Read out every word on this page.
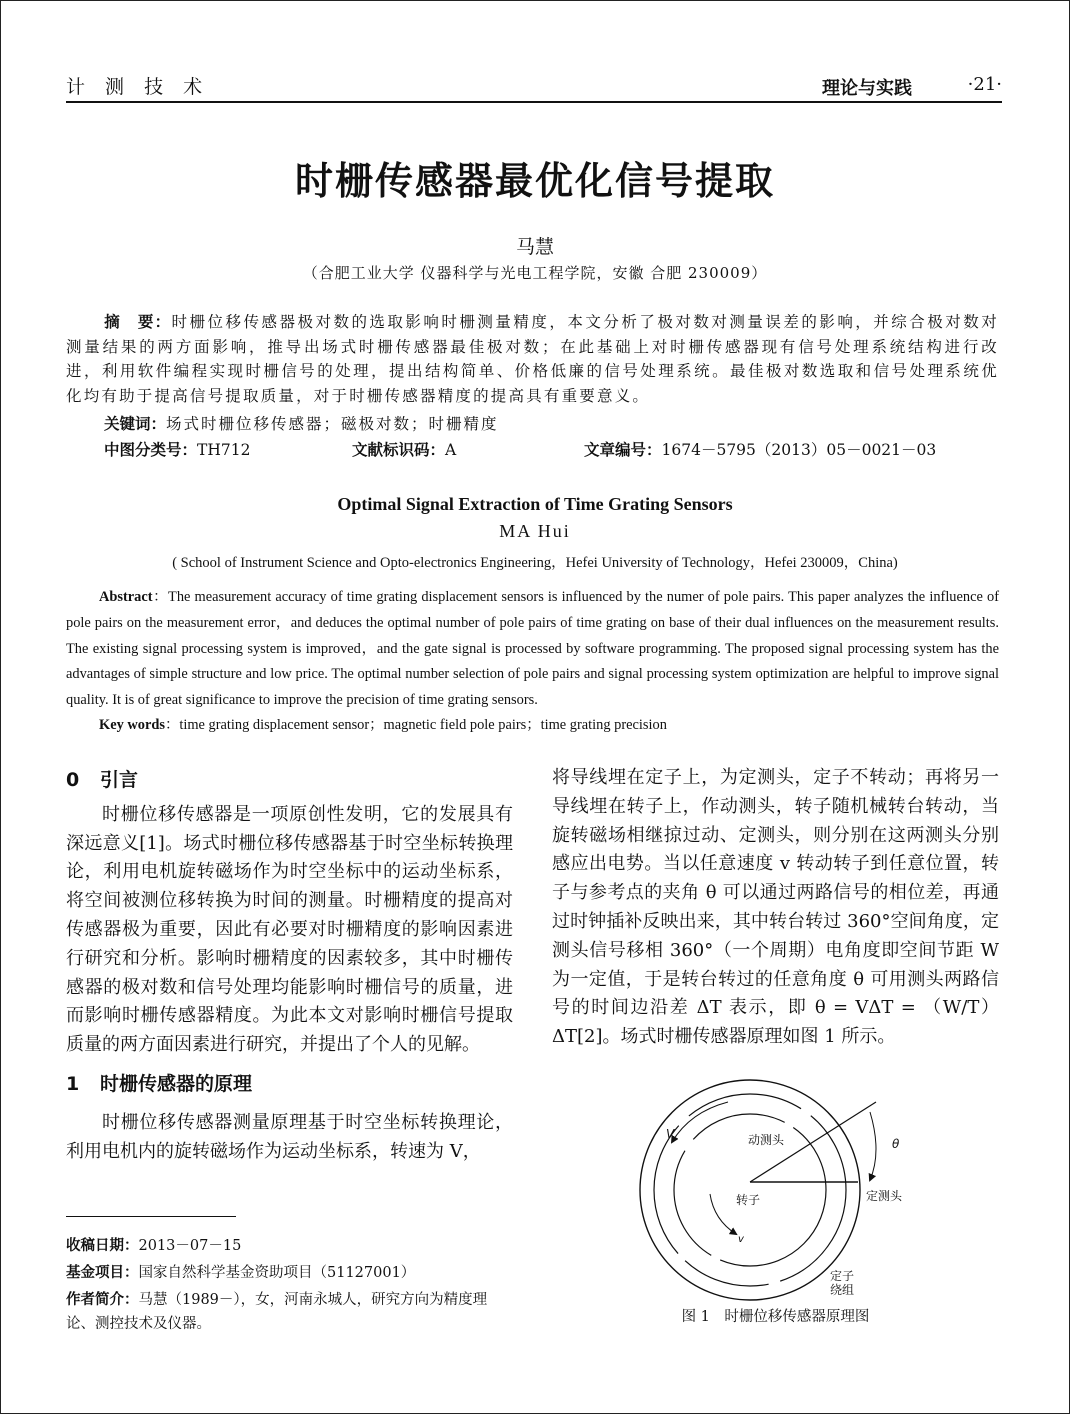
计 测 技 术	理论与实践	·21·
时栅传感器最优化信号提取
马慧
（合肥工业大学 仪器科学与光电工程学院，安徽 合肥 230009）
摘　要：时栅位移传感器极对数的选取影响时栅测量精度，本文分析了极对数对测量误差的影响，并综合极对数对测量结果的两方面影响，推导出场式时栅传感器最佳极对数；在此基础上对时栅传感器现有信号处理系统结构进行改进，利用软件编程实现时栅信号的处理，提出结构简单、价格低廉的信号处理系统。最佳极对数选取和信号处理系统优化均有助于提高信号提取质量，对于时栅传感器精度的提高具有重要意义。
关键词：场式时栅位移传感器；磁极对数；时栅精度
中图分类号：TH712	文献标识码：A	文章编号：1674－5795（2013）05－0021－03
Optimal Signal Extraction of Time Grating Sensors
MA Hui
( School of Instrument Science and Opto-electronics Engineering，Hefei University of Technology，Hefei 230009，China)
Abstract：The measurement accuracy of time grating displacement sensors is influenced by the numer of pole pairs. This paper analyzes the influence of pole pairs on the measurement error，and deduces the optimal number of pole pairs of time grating on base of their dual influences on the measurement results. The existing signal processing system is improved，and the gate signal is processed by software programming. The proposed signal processing system has the advantages of simple structure and low price. The optimal number selection of pole pairs and signal processing system optimization are helpful to improve signal quality. It is of great significance to improve the precision of time grating sensors.
Key words：time grating displacement sensor；magnetic field pole pairs；time grating precision
0 引言

时栅位移传感器是一项原创性发明，它的发展具有深远意义[1]。场式时栅位移传感器基于时空坐标转换理论，利用电机旋转磁场作为时空坐标中的运动坐标系，将空间被测位移转换为时间的测量。时栅精度的提高对传感器极为重要，因此有必要对时栅精度的影响因素进行研究和分析。影响时栅精度的因素较多，其中时栅传感器的极对数和信号处理均能影响时栅信号的质量，进而影响时栅传感器精度。为此本文对影响时栅信号提取质量的两方面因素进行研究，并提出了个人的见解。

1 时栅传感器的原理

时栅位移传感器测量原理基于时空坐标转换理论，利用电机内的旋转磁场作为运动坐标系，转速为 V，

将导线埋在定子上，为定测头，定子不转动；再将另一导线埋在转子上，作动测头，转子随机械转台转动，当旋转磁场相继掠过动、定测头，则分别在这两测头分别感应出电势。当以任意速度 v 转动转子到任意位置，转子与参考点的夹角 θ 可以通过两路信号的相位差，再通过时钟插补反映出来，其中转台转过 360°空间角度，定测头信号移相 360°（一个周期）电角度即空间节距 W 为一定值，于是转台转过的任意角度 θ 可用测头两路信号的时间边沿差 ΔT 表示，即 θ = VΔT = （W/T） ΔT[2]。场式时栅传感器原理如图 1 所示。

动测头
转子	定测头
定子
绕组
V
v
θ
图 1　时栅位移传感器原理图
收稿日期：2013－07－15
基金项目：国家自然科学基金资助项目（51127001）
作者简介：马慧（1989－），女，河南永城人，研究方向为精度理论、测控技术及仪器。
